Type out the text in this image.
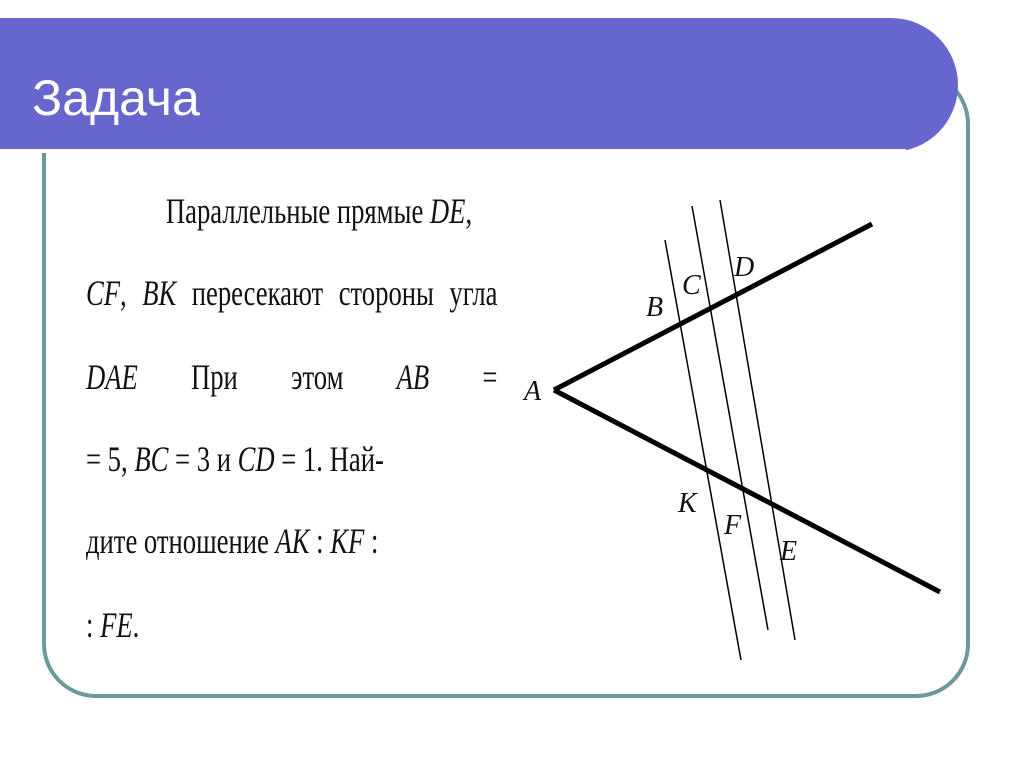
Задача
Параллельные прямые DE,
CF, BK пересекают стороны угла
DAE При этом AB =
= 5, BC = 3 и CD = 1. Най-
дите отношение AK : KF :
: FE.
A
B
C
D
K
F
E
